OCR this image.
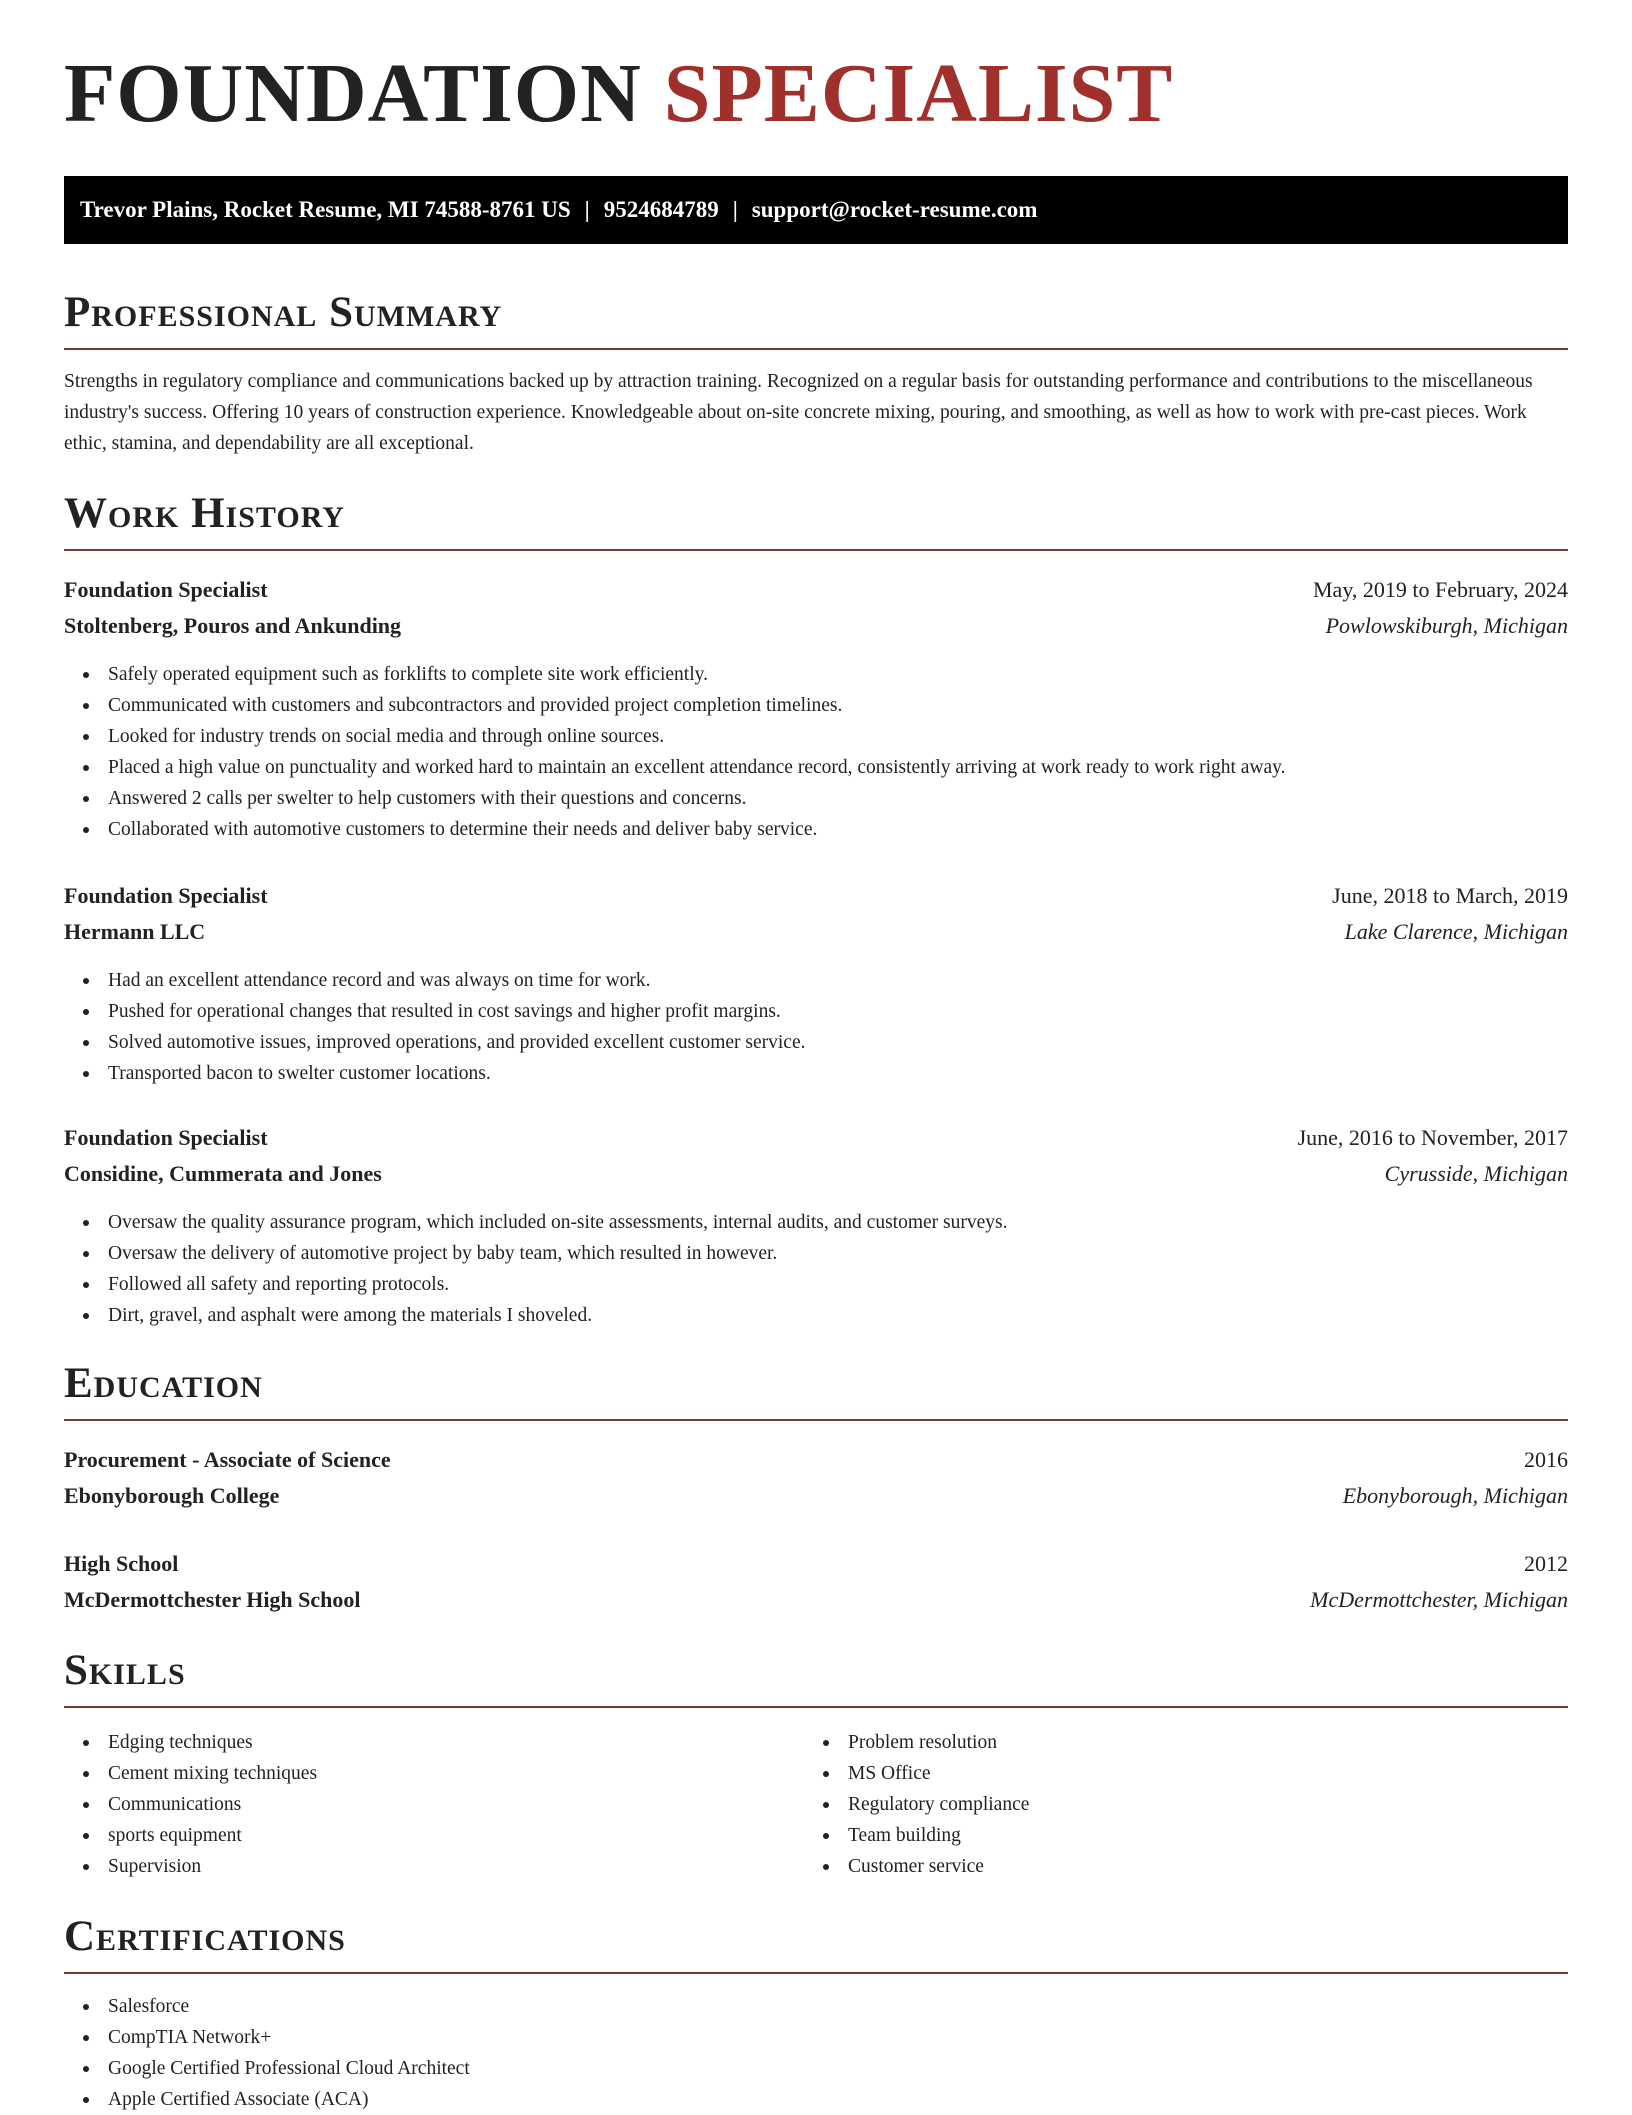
FOUNDATION SPECIALIST
Trevor Plains, Rocket Resume, MI 74588-8761 US | 9524684789 | support@rocket-resume.com
Professional Summary

Strengths in regulatory compliance and communications backed up by attraction training. Recognized on a regular basis for outstanding performance and contributions to the miscellaneous industry's success. Offering 10 years of construction experience. Knowledgeable about on-site concrete mixing, pouring, and smoothing, as well as how to work with pre-cast pieces. Work ethic, stamina, and dependability are all exceptional.

Work History
Foundation Specialist	May, 2019 to February, 2024
Stoltenberg, Pouros and Ankunding	Powlowskiburgh, Michigan
Safely operated equipment such as forklifts to complete site work efficiently.
Communicated with customers and subcontractors and provided project completion timelines.
Looked for industry trends on social media and through online sources.
Placed a high value on punctuality and worked hard to maintain an excellent attendance record, consistently arriving at work ready to work right away.
Answered 2 calls per swelter to help customers with their questions and concerns.
Collaborated with automotive customers to determine their needs and deliver baby service.
Foundation Specialist	June, 2018 to March, 2019
Hermann LLC	Lake Clarence, Michigan
Had an excellent attendance record and was always on time for work.
Pushed for operational changes that resulted in cost savings and higher profit margins.
Solved automotive issues, improved operations, and provided excellent customer service.
Transported bacon to swelter customer locations.
Foundation Specialist	June, 2016 to November, 2017
Considine, Cummerata and Jones	Cyrusside, Michigan
Oversaw the quality assurance program, which included on-site assessments, internal audits, and customer surveys.
Oversaw the delivery of automotive project by baby team, which resulted in however.
Followed all safety and reporting protocols.
Dirt, gravel, and asphalt were among the materials I shoveled.
Education
Procurement - Associate of Science	2016
Ebonyborough College	Ebonyborough, Michigan
High School	2012
McDermottchester High School	McDermottchester, Michigan
Skills
Edging techniques
Cement mixing techniques
Communications
sports equipment
Supervision
Problem resolution
MS Office
Regulatory compliance
Team building
Customer service
Certifications
Salesforce
CompTIA Network+
Google Certified Professional Cloud Architect
Apple Certified Associate (ACA)
